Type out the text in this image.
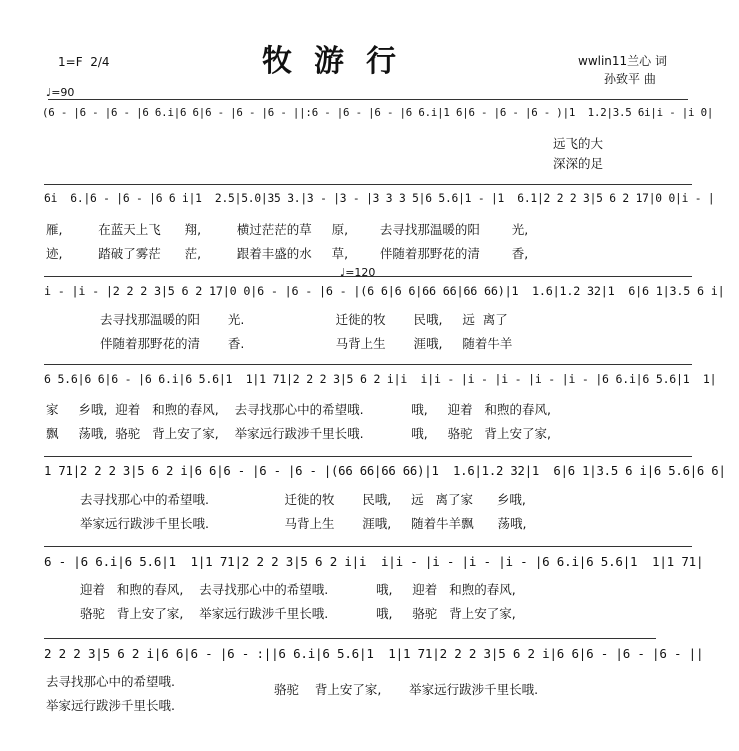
牧游行
1=F  2/4	wwlin11兰心 词
孙致平 曲
♩=90
♩=120
(6 - |6 - |6 - |6 6.i|6 6|6 - |6 - |6 - ||:6 - |6 - |6 - |6 6.i|1 6|6 - |6 - |6 - )|1  1.2|3.5 6i|i - |i 0|
远飞的大
深深的足
6i  6.|6 - |6 - |6 6 i|1  2.5|5.0|35 3.|3 - |3 - |3 3 3 5|6 5.6|1 - |1  6.1|2 2 2 3|5 6 2 17|0 0|i - |
雁,         在蓝天上飞      翔,         横过茫茫的草     原,        去寻找那温暖的阳        光,
迹,         踏破了雾茫      茫,         跟着丰盛的水     草,        伴随着那野花的清        香,
i - |i - |2 2 2 3|5 6 2 17|0 0|6 - |6 - |6 - |(6 6|6 6|66 66|66 66)|1  1.6|1.2 32|1  6|6 1|3.5 6 i|
去寻找那温暖的阳       光.                       迁徙的牧       民哦,     远  离了
伴随着那野花的清       香.                       马背上生       涯哦,     随着牛羊
6 5.6|6 6|6 - |6 6.i|6 5.6|1  1|1 71|2 2 2 3|5 6 2 i|i  i|i - |i - |i - |i - |i - |6 6.i|6 5.6|1  1|
家     乡哦,  迎着   和煦的春风,    去寻找那心中的希望哦.            哦,     迎着   和煦的春风,
飘     荡哦,  骆驼   背上安了家,    举家远行跋涉千里长哦.            哦,     骆驼   背上安了家,
1 71|2 2 2 3|5 6 2 i|6 6|6 - |6 - |6 - |(66 66|66 66)|1  1.6|1.2 32|1  6|6 1|3.5 6 i|6 5.6|6 6|
去寻找那心中的希望哦.                   迁徙的牧       民哦,     远   离了家      乡哦,
举家远行跋涉千里长哦.                   马背上生       涯哦,     随着牛羊飘      荡哦,
6 - |6 6.i|6 5.6|1  1|1 71|2 2 2 3|5 6 2 i|i  i|i - |i - |i - |i - |6 6.i|6 5.6|1  1|1 71|
迎着   和煦的春风,    去寻找那心中的希望哦.            哦,     迎着   和煦的春风,
骆驼   背上安了家,    举家远行跋涉千里长哦.            哦,     骆驼   背上安了家,
2 2 2 3|5 6 2 i|6 6|6 - |6 - :||6 6.i|6 5.6|1  1|1 71|2 2 2 3|5 6 2 i|6 6|6 - |6 - |6 - ||
去寻找那心中的希望哦.
举家远行跋涉千里长哦.
骆驼    背上安了家,       举家远行跋涉千里长哦.
